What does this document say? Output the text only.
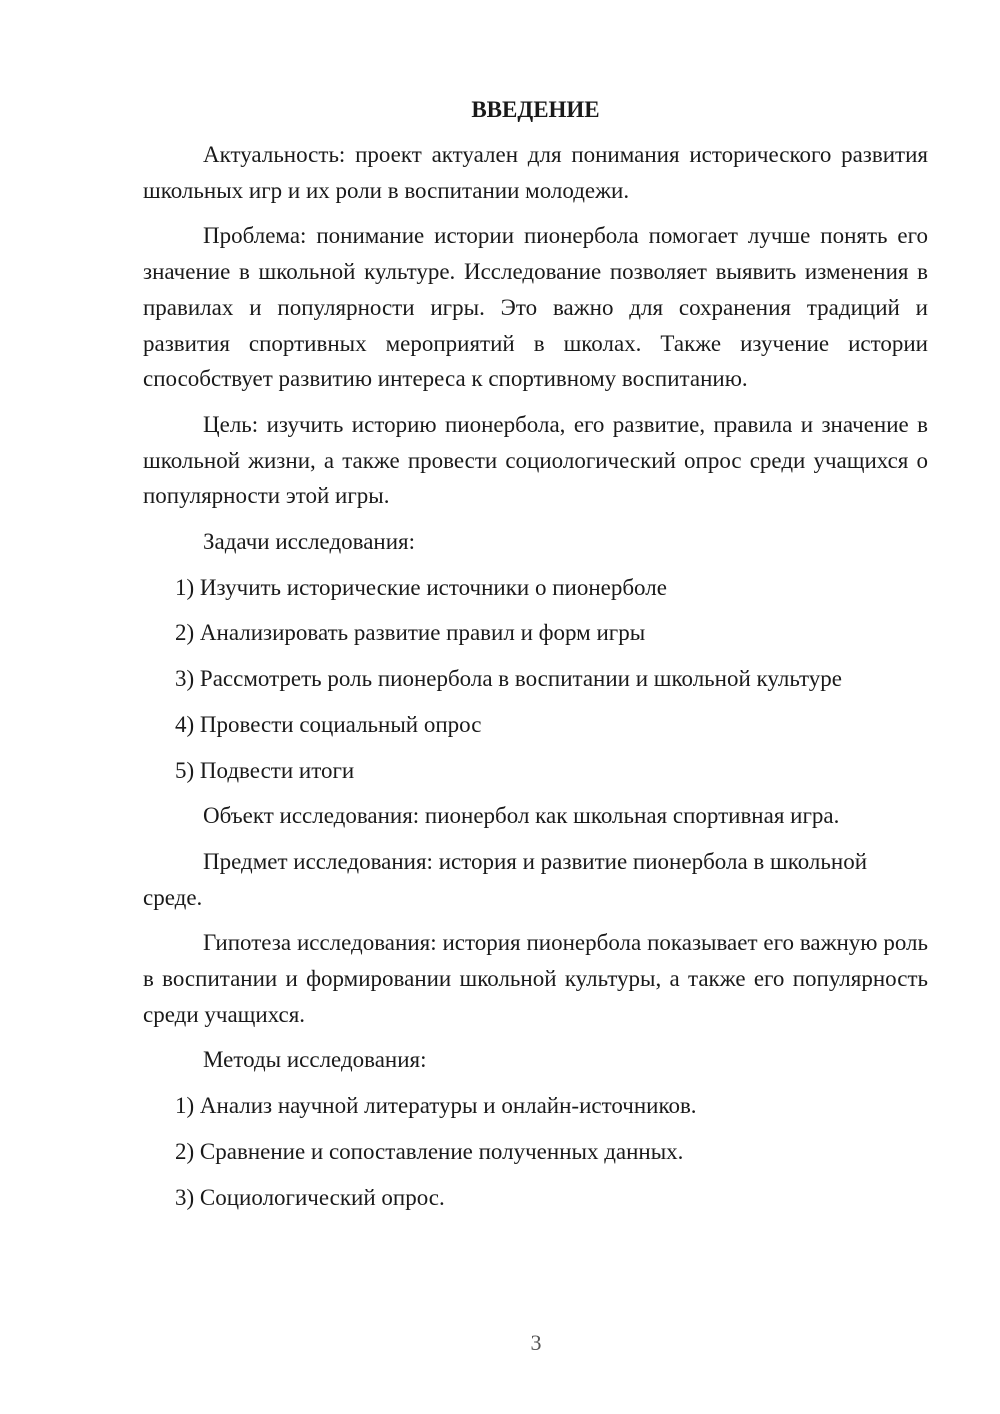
ВВЕДЕНИЕ

Актуальность: проект актуален для понимания исторического развития школьных игр и их роли в воспитании молодежи.

Проблема: понимание истории пионербола помогает лучше понять его значение в школьной культуре. Исследование позволяет выявить изменения в правилах и популярности игры. Это важно для сохранения традиций и развития спортивных мероприятий в школах. Также изучение истории способствует развитию интереса к спортивному воспитанию.

Цель: изучить историю пионербола, его развитие, правила и значение в школьной жизни, а также провести социологический опрос среди учащихся о популярности этой игры.

Задачи исследования:

1) Изучить исторические источники о пионерболе
2) Анализировать развитие правил и форм игры
3) Рассмотреть роль пионербола в воспитании и школьной культуре
4) Провести социальный опрос
5) Подвести итоги

Объект исследования: пионербол как школьная спортивная игра.

Предмет исследования: история и развитие пионербола в школьной среде.

Гипотеза исследования: история пионербола показывает его важную роль в воспитании и формировании школьной культуры, а также его популярность среди учащихся.

Методы исследования:

1) Анализ научной литературы и онлайн-источников.
2) Сравнение и сопоставление полученных данных.
3) Социологический опрос.
3
